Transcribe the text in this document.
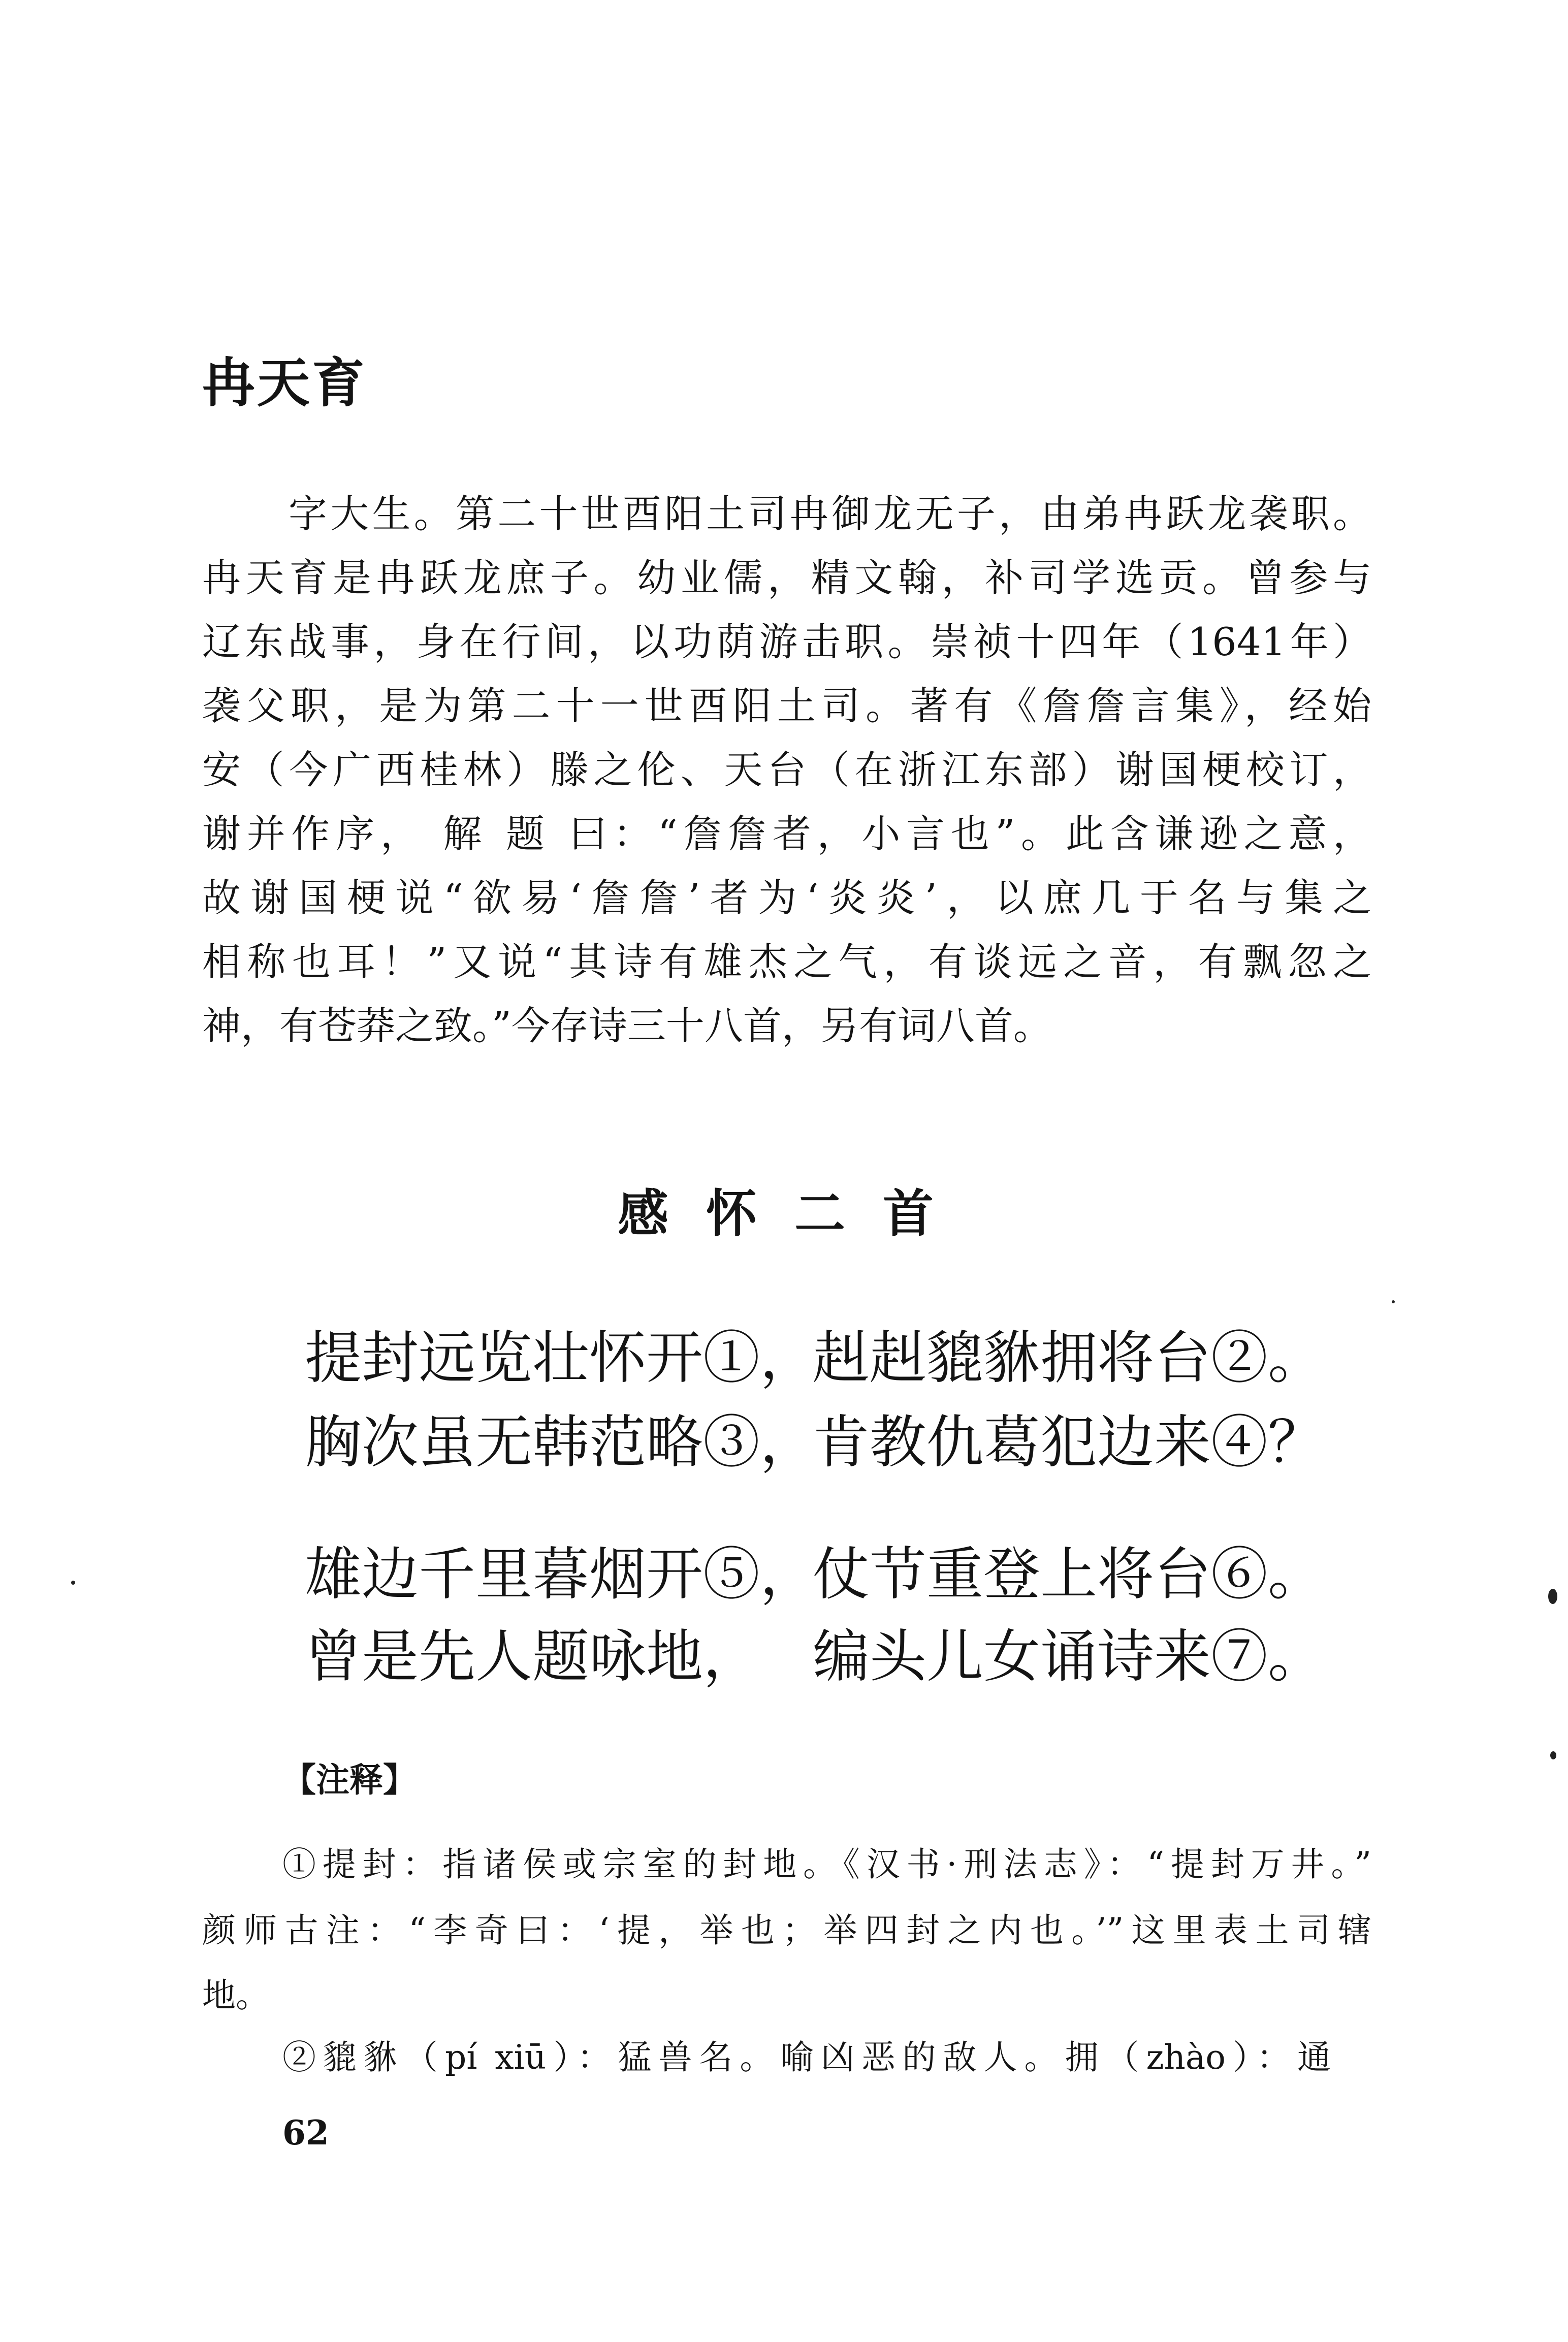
冉天育
字大生。第二十世酉阳土司冉御龙无子，由弟冉跃龙袭职。
冉天育是冉跃龙庶子。幼业儒，精文翰，补司学选贡。曾参与
辽东战事，身在行间，以功荫游击职。崇祯十四年（1641年）
袭父职，是为第二十一世酉阳土司。著有《詹詹言集》，经始
安（今广西桂林）滕之伦、天台（在浙江东部）谢国梗校订，
谢并作序， 解 题 曰：“詹詹者，小言也”。此含谦逊之意，
故谢国梗说“欲易‘詹詹’者为‘炎炎’，以庶几于名与集之
相称也耳！”又说“其诗有雄杰之气，有谈远之音，有飘忽之
神，有苍莽之致。”今存诗三十八首，另有词八首。
感怀二首
提封远览壮怀开①，
赳赳貔貅拥将台②。
胸次虽无韩范略③，
肯教仇葛犯边来④？
雄边千里暮烟开⑤，
仗节重登上将台⑥。
曾是先人题咏地， 编头儿女诵诗来⑦。
【注释】
①提封：指诸侯或宗室的封地。《汉书·刑法志》：“提封万井。”
颜师古注：“李奇曰：‘提，举也；举四封之内也。’”这里表土司辖
地。
②貔貅（pí xiū）：猛兽名。喻凶恶的敌人。拥（zhào）：通
62
